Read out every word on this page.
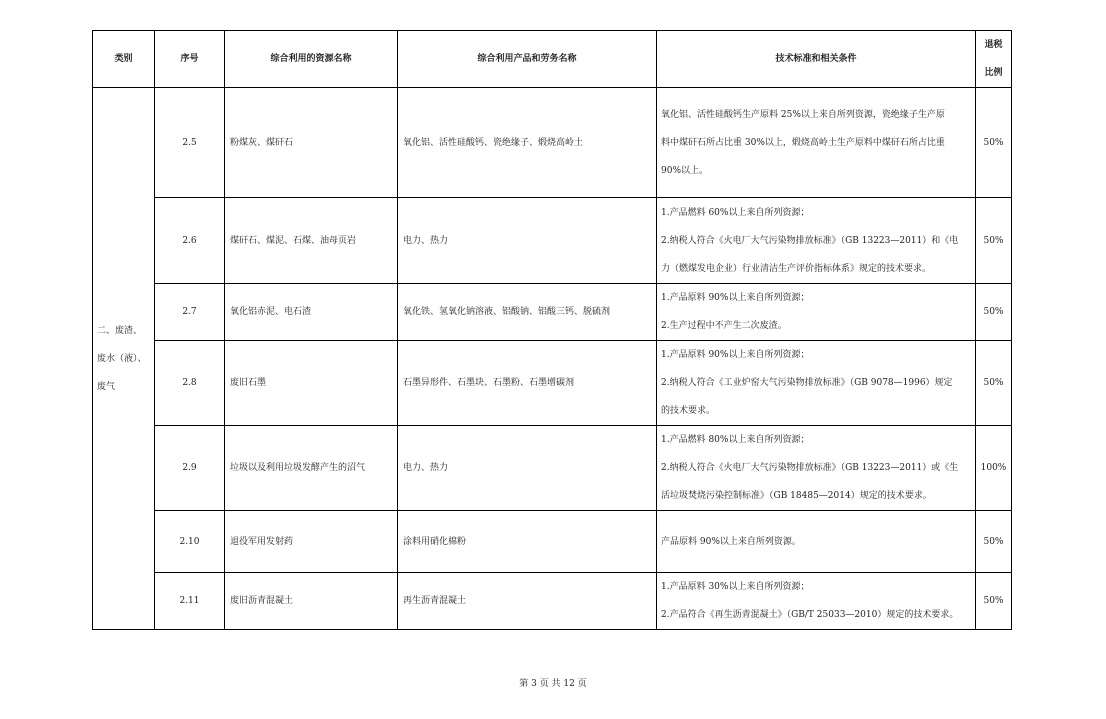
类别	序号	综合利用的资源名称	综合利用产品和劳务名称	技术标准和相关条件	退税
比例

二、废渣、
废水（液）、
废气	2.5	粉煤灰、煤矸石	氧化铝、活性硅酸钙、瓷绝缘子、煅烧高岭土	氧化铝、活性硅酸钙生产原料 25%以上来自所列资源，瓷绝缘子生产原
料中煤矸石所占比重 30%以上，煅烧高岭土生产原料中煤矸石所占比重
90%以上。	50%
	2.6	煤矸石、煤泥、石煤、油母页岩	电力、热力	1.产品燃料 60%以上来自所列资源；
2.纳税人符合《火电厂大气污染物排放标准》（GB 13223—2011）和《电
力（燃煤发电企业）行业清洁生产评价指标体系》规定的技术要求。	50%
	2.7	氧化铝赤泥、电石渣	氧化铁、氢氧化钠溶液、铝酸钠、铝酸三钙、脱硫剂	1.产品原料 90%以上来自所列资源；
2.生产过程中不产生二次废渣。	50%
	2.8	废旧石墨	石墨异形件、石墨块、石墨粉、石墨增碳剂	1.产品原料 90%以上来自所列资源；
2.纳税人符合《工业炉窑大气污染物排放标准》（GB 9078—1996）规定
的技术要求。	50%
	2.9	垃圾以及利用垃圾发酵产生的沼气	电力、热力	1.产品燃料 80%以上来自所列资源；
2.纳税人符合《火电厂大气污染物排放标准》（GB 13223—2011）或《生
活垃圾焚烧污染控制标准》（GB 18485—2014）规定的技术要求。	100%
	2.10	退役军用发射药	涂料用硝化棉粉	产品原料 90%以上来自所列资源。	50%
	2.11	废旧沥青混凝土	再生沥青混凝土	1.产品原料 30%以上来自所列资源；
2.产品符合《再生沥青混凝土》（GB/T 25033—2010）规定的技术要求。	50%
第 3 页 共 12 页
